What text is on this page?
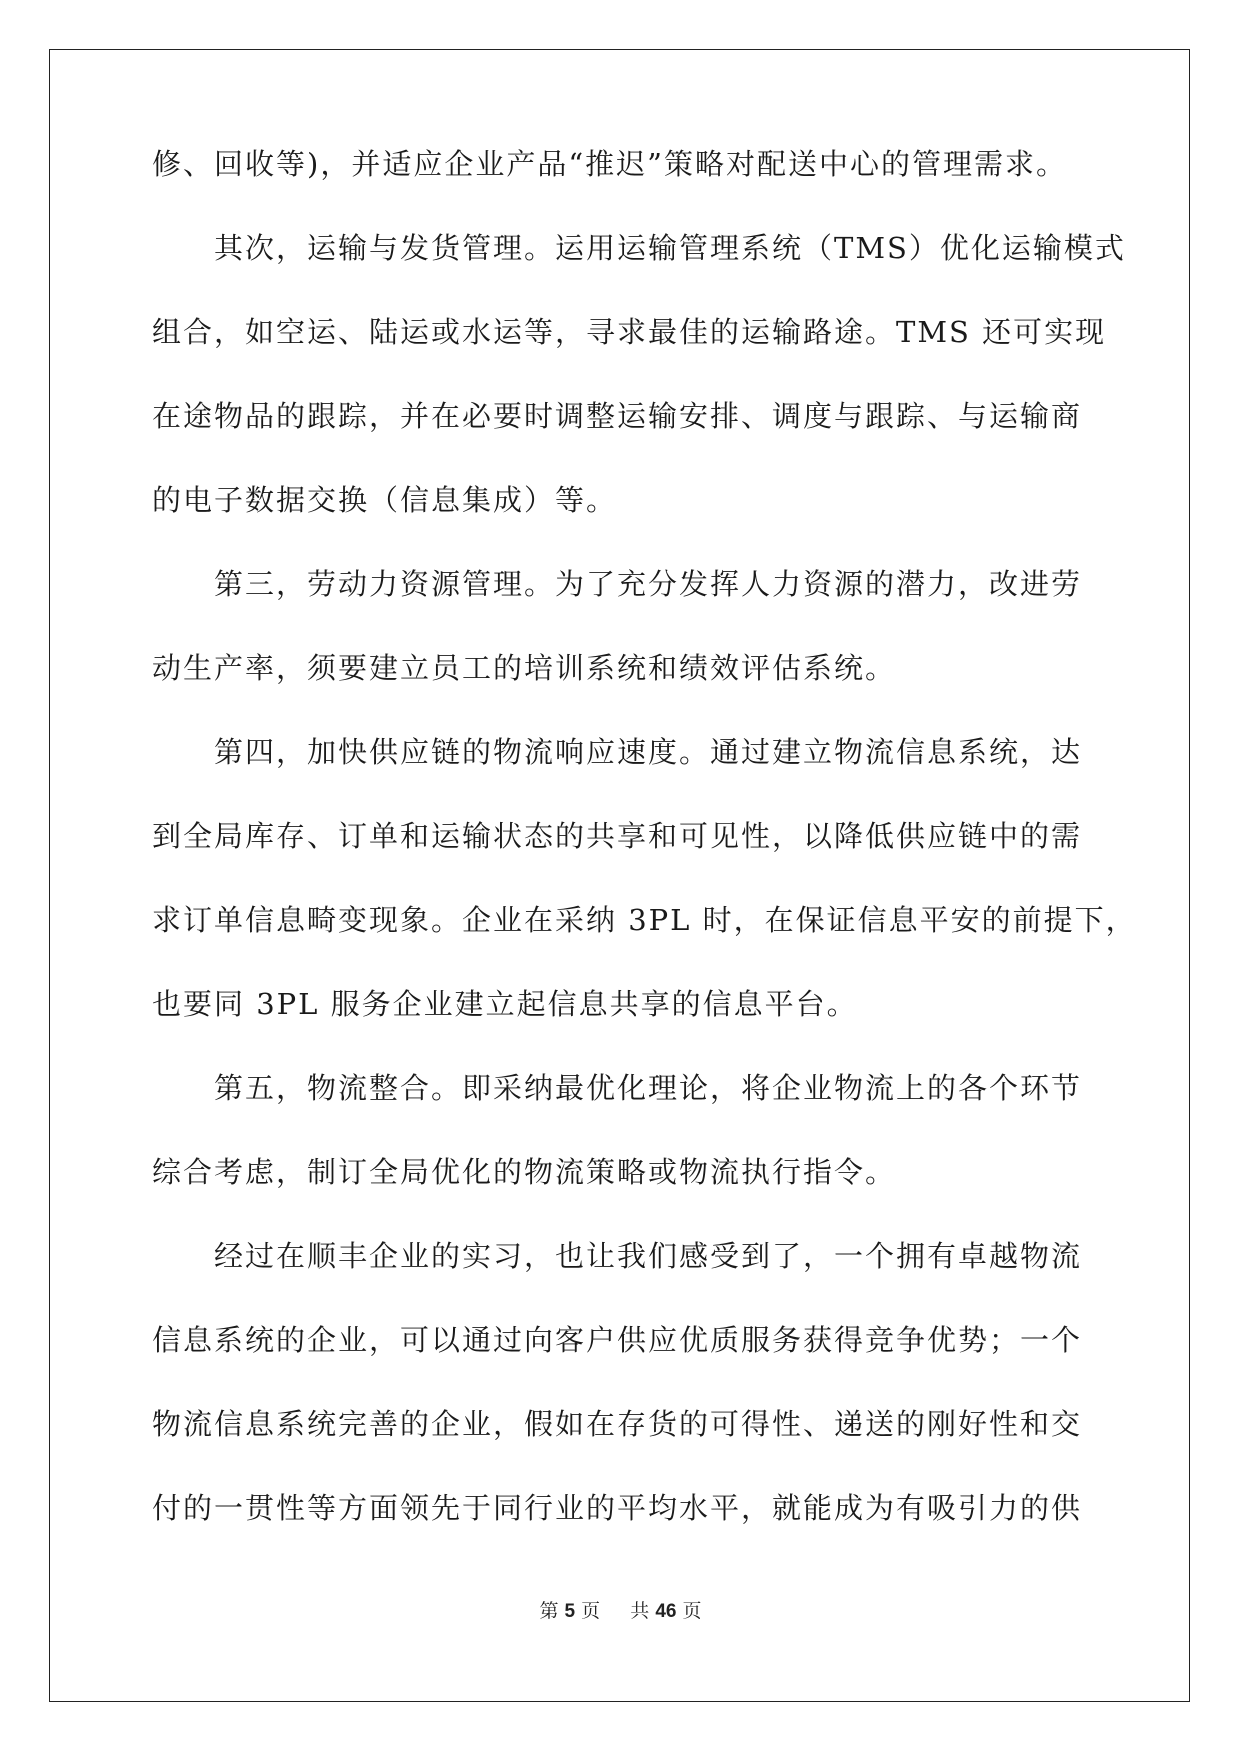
修、回收等)，并适应企业产品“推迟”策略对配送中心的管理需求。
其次，运输与发货管理。运用运输管理系统（TMS）优化运输模式
组合，如空运、陆运或水运等，寻求最佳的运输路途。TMS 还可实现
在途物品的跟踪，并在必要时调整运输安排、调度与跟踪、与运输商
的电子数据交换（信息集成）等。
第三，劳动力资源管理。为了充分发挥人力资源的潜力，改进劳
动生产率，须要建立员工的培训系统和绩效评估系统。
第四，加快供应链的物流响应速度。通过建立物流信息系统，达
到全局库存、订单和运输状态的共享和可见性，以降低供应链中的需
求订单信息畸变现象。企业在采纳 3PL 时，在保证信息平安的前提下，
也要同 3PL 服务企业建立起信息共享的信息平台。
第五，物流整合。即采纳最优化理论，将企业物流上的各个环节
综合考虑，制订全局优化的物流策略或物流执行指令。
经过在顺丰企业的实习，也让我们感受到了，一个拥有卓越物流
信息系统的企业，可以通过向客户供应优质服务获得竞争优势；一个
物流信息系统完善的企业，假如在存货的可得性、递送的刚好性和交
付的一贯性等方面领先于同行业的平均水平，就能成为有吸引力的供
第 5 页 共 46 页
